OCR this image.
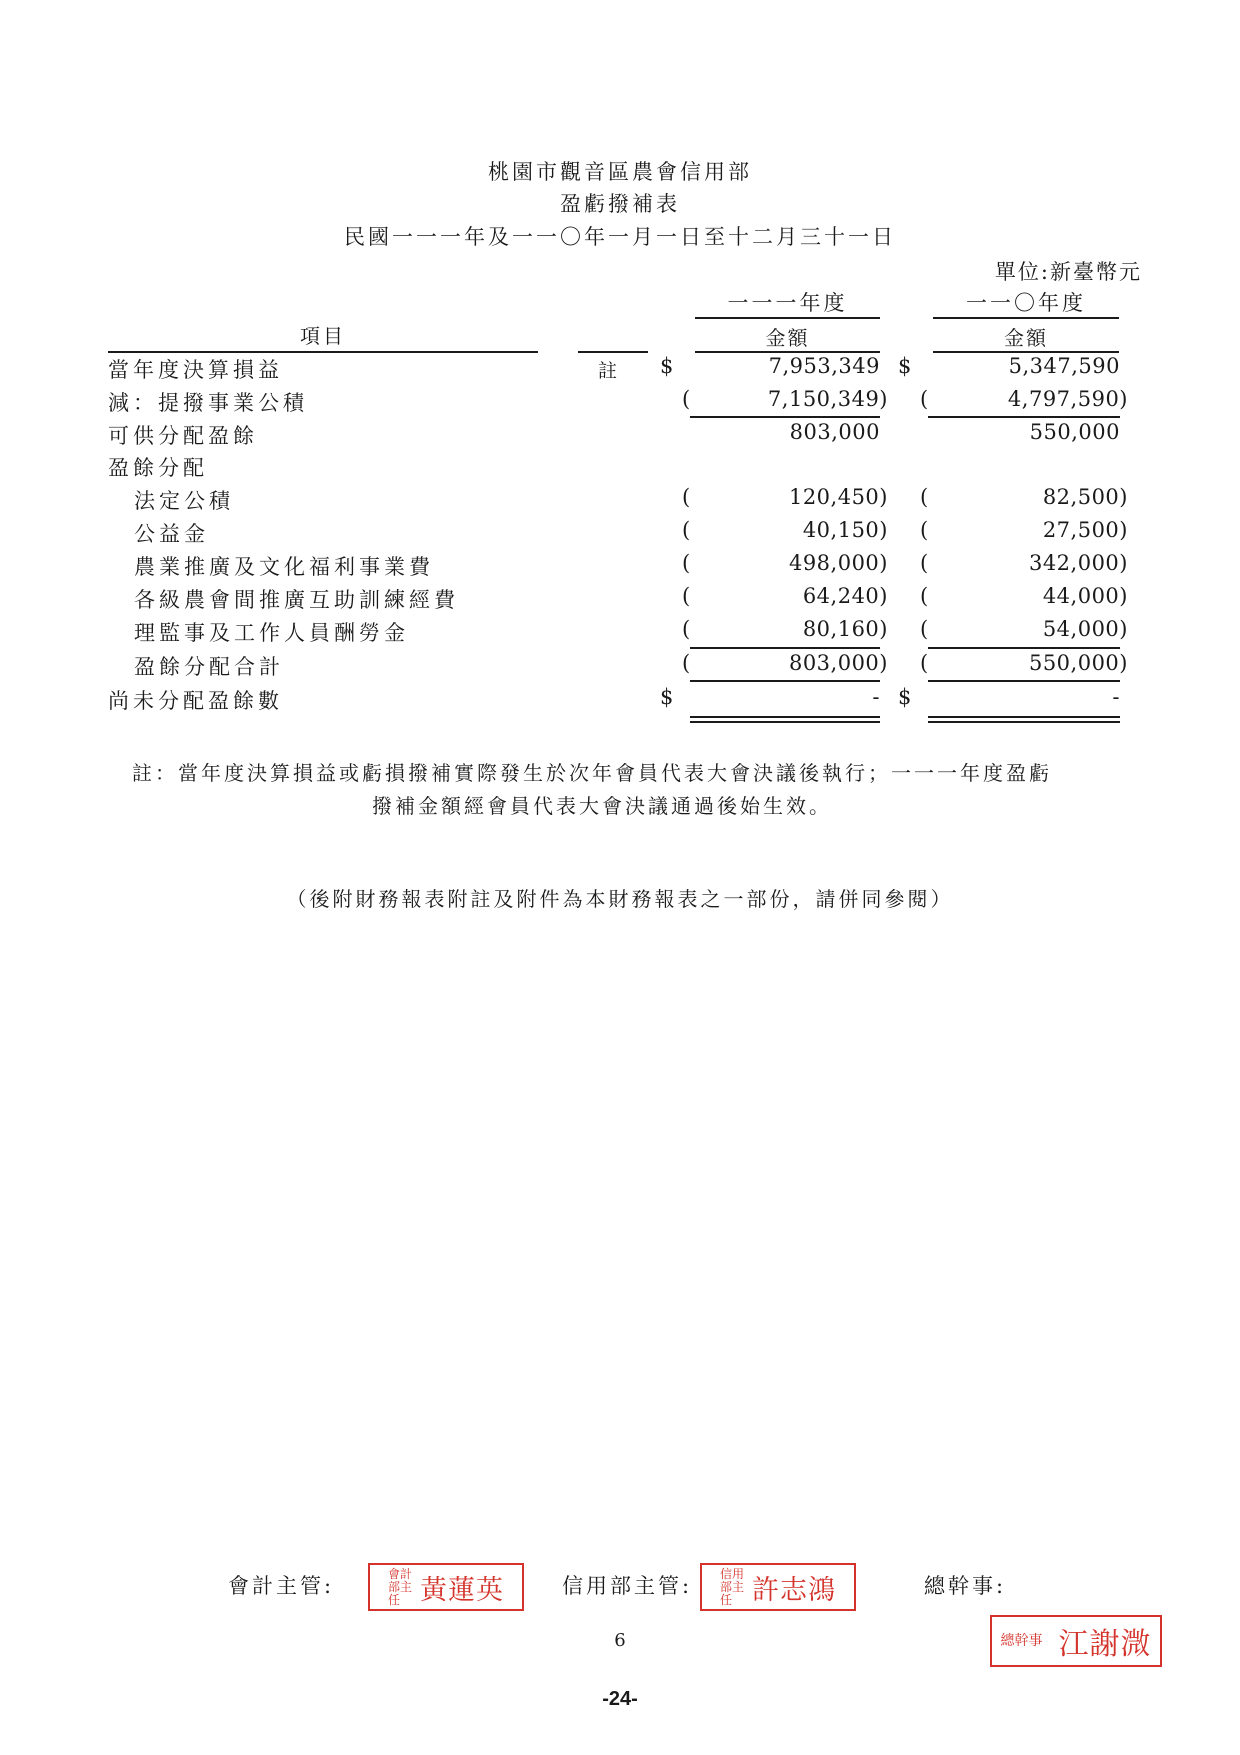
桃園市觀音區農會信用部
盈虧撥補表
民國一一一年及一一〇年一月一日至十二月三十一日
單位:新臺幣元
一一一年度	一一〇年度
項目	金額	金額
當年度決算損益	註 $	7,953,349 $	5,347,590
減：提撥事業公積	(	7,150,349) (	4,797,590)
可供分配盈餘	803,000	550,000
盈餘分配
法定公積	(	120,450) (	82,500)
公益金	(	40,150) (	27,500)
農業推廣及文化福利事業費	(	498,000) (	342,000)
各級農會間推廣互助訓練經費	(	64,240) (	44,000)
理監事及工作人員酬勞金	(	80,160) (	54,000)
盈餘分配合計	(	803,000) (	550,000)
尚未分配盈餘數	$	- $	-
註：當年度決算損益或虧損撥補實際發生於次年會員代表大會決議後執行；一一一年度盈虧
撥補金額經會員代表大會決議通過後始生效。
（後附財務報表附註及附件為本財務報表之一部份，請併同參閱）
會計主管:
會計部主任 黃蓮英	信用部主管:
信用部主任 許志鴻	總幹事:
總幹事 江謝溦
6
-24-
